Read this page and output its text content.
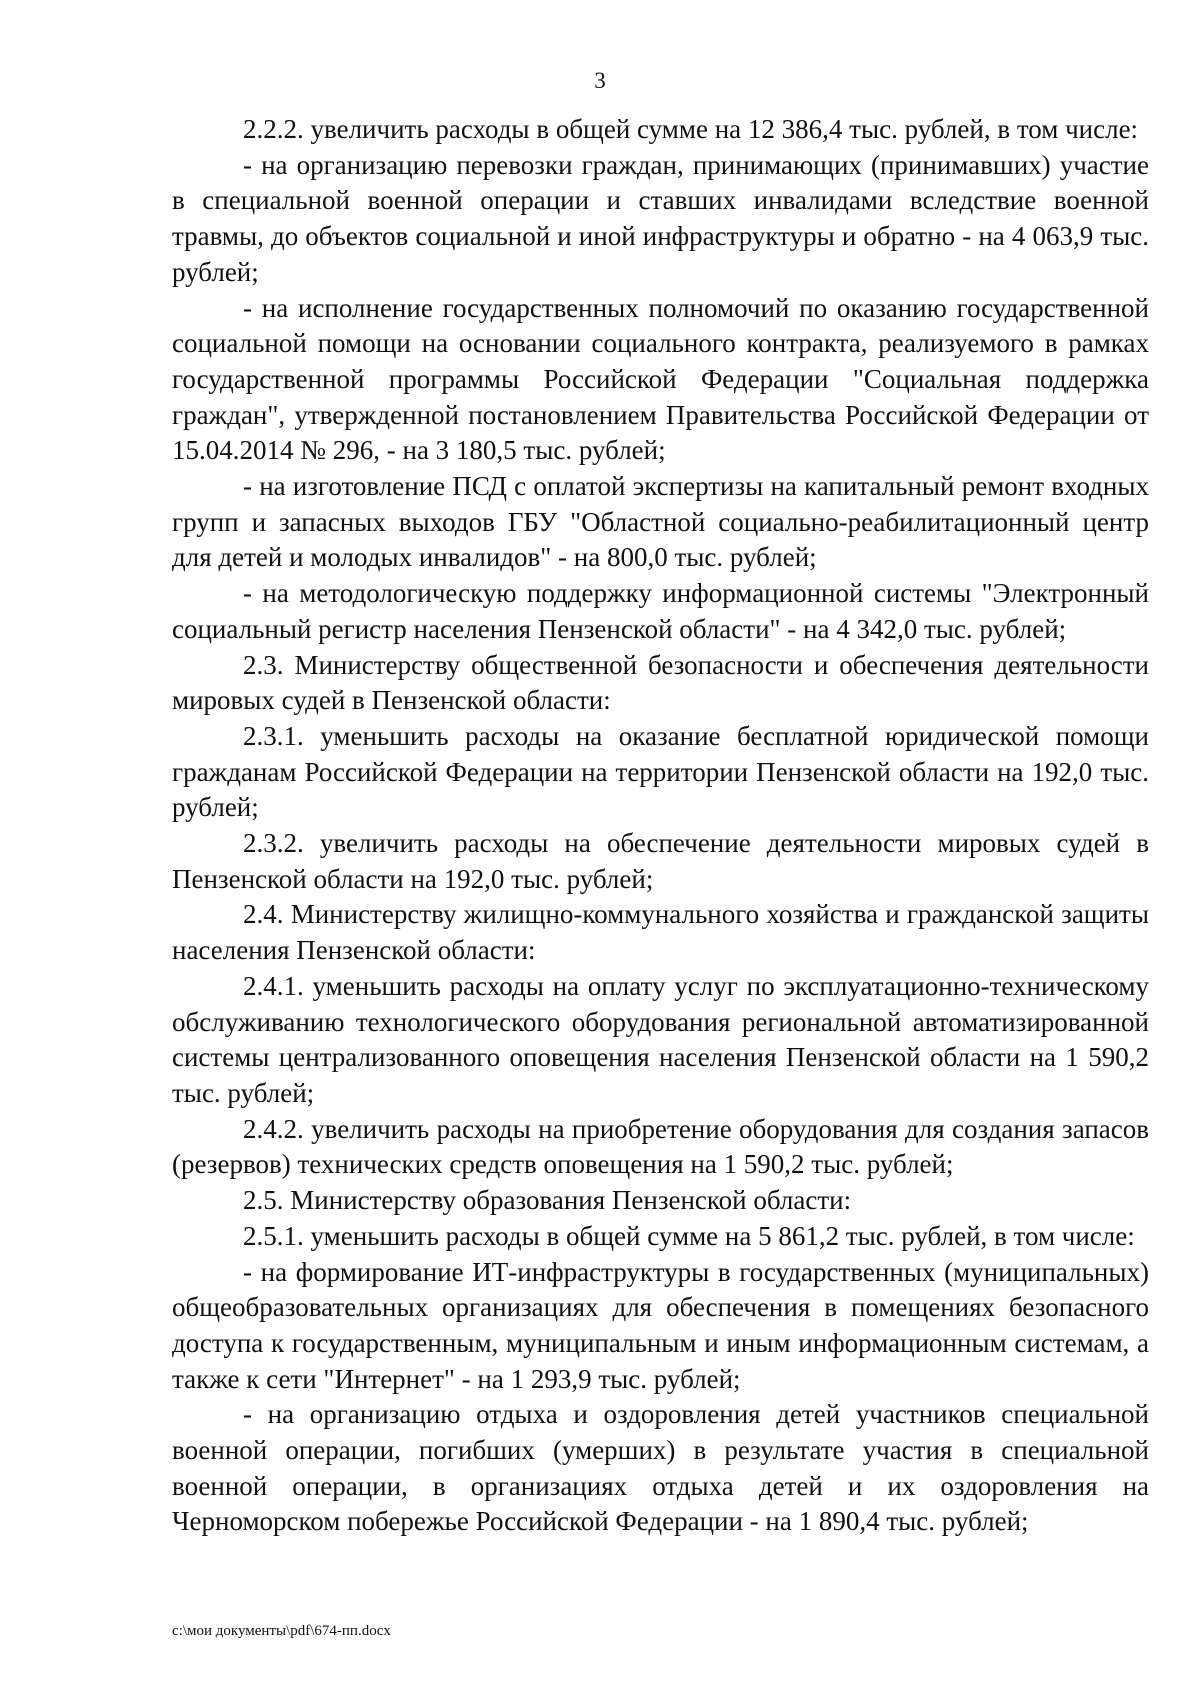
3

2.2.2. увеличить расходы в общей сумме на 12 386,4 тыс. рублей, в том числе:

- на организацию перевозки граждан, принимающих (принимавших) участие в специальной военной операции и ставших инвалидами вследствие военной травмы, до объектов социальной и иной инфраструктуры и обратно - на 4 063,9 тыс. рублей;

- на исполнение государственных полномочий по оказанию государственной социальной помощи на основании социального контракта, реализуемого в рамках государственной программы Российской Федерации "Социальная поддержка граждан", утвержденной постановлением Правительства Российской Федерации от 15.04.2014 № 296, - на 3 180,5 тыс. рублей;

- на изготовление ПСД с оплатой экспертизы на капитальный ремонт входных групп и запасных выходов ГБУ "Областной социально-реабилитационный центр для детей и молодых инвалидов" - на 800,0 тыс. рублей;

- на методологическую поддержку информационной системы "Электронный социальный регистр населения Пензенской области" - на 4 342,0 тыс. рублей;

2.3. Министерству общественной безопасности и обеспечения деятельности мировых судей в Пензенской области:

2.3.1. уменьшить расходы на оказание бесплатной юридической помощи гражданам Российской Федерации на территории Пензенской области на 192,0 тыс. рублей;

2.3.2. увеличить расходы на обеспечение деятельности мировых судей в Пензенской области на 192,0 тыс. рублей;

2.4. Министерству жилищно-коммунального хозяйства и гражданской защиты населения Пензенской области:

2.4.1. уменьшить расходы на оплату услуг по эксплуатационно-техническому обслуживанию технологического оборудования региональной автоматизированной системы централизованного оповещения населения Пензенской области на 1 590,2 тыс. рублей;

2.4.2. увеличить расходы на приобретение оборудования для создания запасов (резервов) технических средств оповещения на 1 590,2 тыс. рублей;

2.5. Министерству образования Пензенской области:

2.5.1. уменьшить расходы в общей сумме на 5 861,2 тыс. рублей, в том числе:

- на формирование ИТ-инфраструктуры в государственных (муниципальных) общеобразовательных организациях для обеспечения в помещениях безопасного доступа к государственным, муниципальным и иным информационным системам, а также к сети "Интернет" - на 1 293,9 тыс. рублей;

- на организацию отдыха и оздоровления детей участников специальной военной операции, погибших (умерших) в результате участия в специальной военной операции, в организациях отдыха детей и их оздоровления на Черноморском побережье Российской Федерации - на 1 890,4 тыс. рублей;

c:\мои документы\pdf\674-пп.docx
